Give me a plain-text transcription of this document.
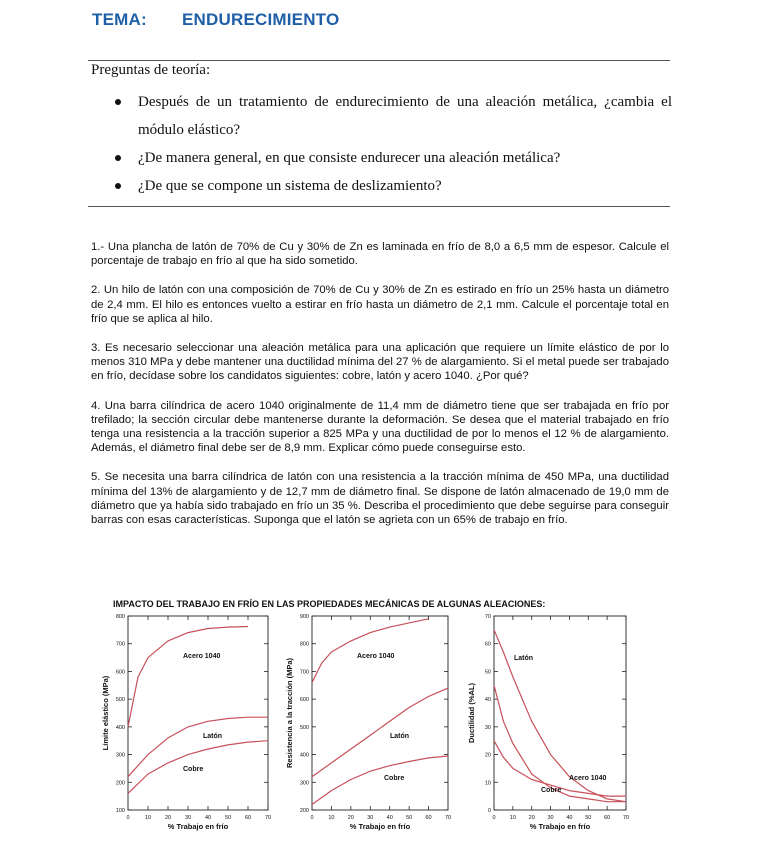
TEMA: ENDURECIMIENTO
Preguntas de teoría:
Después de un tratamiento de endurecimiento de una aleación metálica, ¿cambia el módulo elástico?
¿De manera general, en que consiste endurecer una aleación metálica?
¿De que se compone un sistema de deslizamiento?

1.- Una plancha de latón de 70% de Cu y 30% de Zn es laminada en frío de 8,0 a 6,5 mm de espesor. Calcule el porcentaje de trabajo en frío al que ha sido sometido.

2. Un hilo de latón con una composición de 70% de Cu y 30% de Zn es estirado en frío un 25% hasta un diámetro de 2,4 mm. El hilo es entonces vuelto a estirar en frío hasta un diámetro de 2,1 mm. Calcule el porcentaje total en frío que se aplica al hilo.

3. Es necesario seleccionar una aleación metálica para una aplicación que requiere un límite elástico de por lo menos 310 MPa y debe mantener una ductilidad mínima del 27 % de alargamiento. Si el metal puede ser trabajado en frío, decídase sobre los candidatos siguientes: cobre, latón y acero 1040. ¿Por qué?

4. Una barra cilíndrica de acero 1040 originalmente de 11,4 mm de diámetro tiene que ser trabajada en frío por trefilado; la sección circular debe mantenerse durante la deformación. Se desea que el material trabajado en frío tenga una resistencia a la tracción superior a 825 MPa y una ductilidad de por lo menos el 12 % de alargamiento. Además, el diámetro final debe ser de 8,9 mm. Explicar cómo puede conseguirse esto.

5. Se necesita una barra cilíndrica de latón con una resistencia a la tracción mínima de 450 MPa, una ductilidad mínima del 13% de alargamiento y de 12,7 mm de diámetro final. Se dispone de latón almacenado de 19,0 mm de diámetro que ya había sido trabajado en frío un 35 %. Describa el procedimiento que debe seguirse para conseguir barras con esas características. Suponga que el latón se agrieta con un 65% de trabajo en frío.

IMPACTO DEL TRABAJO EN FRÍO EN LAS PROPIEDADES MECÁNICAS DE ALGUNAS ALEACIONES:
0	10	20	30	40	50	60	70
100
200
300
400
500
600
700
800
% Trabajo en frío
Límite elástico (MPa)
Acero 1040
Latón
Cobre
0	10 20 30 40 50 60 70
200
300
400
500
600
700
800
900
% Trabajo en frío
Resistencia a la tracción (MPa)
Acero 1040
Latón
Cobre
0	10 20 30 40 50 60 70
0
10
20
30
40
50
60
70
% Trabajo en frío
Ductilidad (%AL)
Latón
Acero 1040
Cobre
